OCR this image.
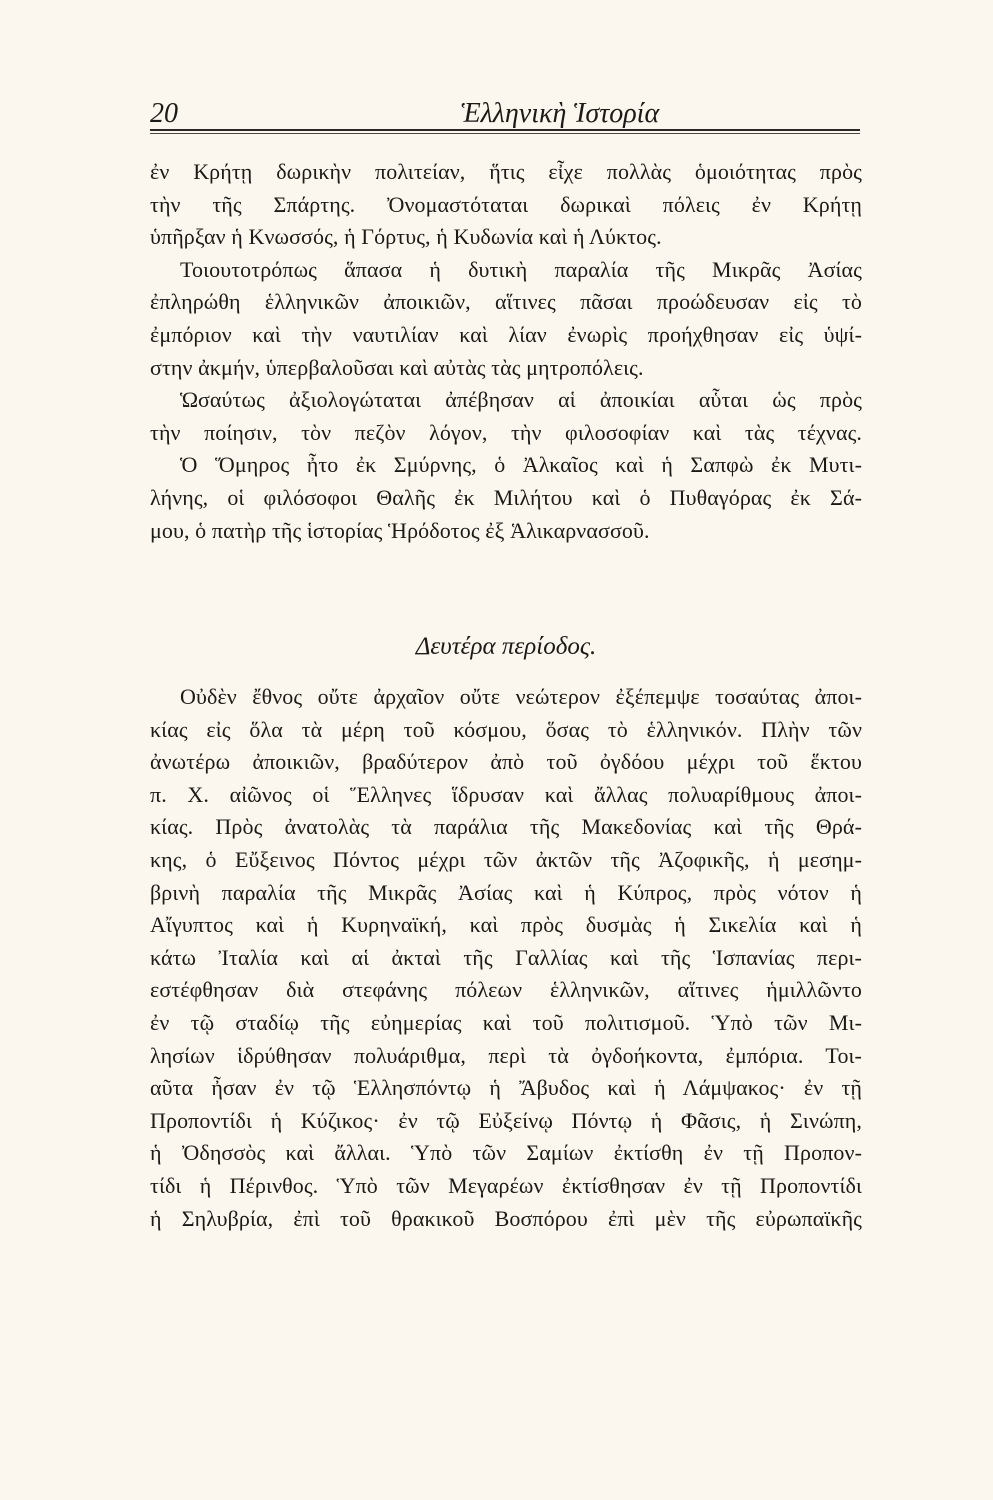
20	Ἑλληνικὴ Ἱστορία
ἐν Κρήτῃ δωρικὴν πολιτείαν, ἥτις εἶχε πολλὰς ὁμοιότητας πρὸς
τὴν τῆς Σπάρτης. Ὀνομαστόταται δωρικαὶ πόλεις ἐν Κρήτῃ
ὑπῆρξαν ἡ Κνωσσός, ἡ Γόρτυς, ἡ Κυδωνία καὶ ἡ Λύκτος.
Τοιουτοτρόπως ἅπασα ἡ δυτικὴ παραλία τῆς Μικρᾶς Ἀσίας
ἐπληρώθη ἑλληνικῶν ἀποικιῶν, αἵτινες πᾶσαι προώδευσαν εἰς τὸ
ἐμπόριον καὶ τὴν ναυτιλίαν καὶ λίαν ἐνωρὶς προήχθησαν εἰς ὑψί-
στην ἀκμήν, ὑπερβαλοῦσαι καὶ αὐτὰς τὰς μητροπόλεις.
Ὡσαύτως ἀξιολογώταται ἀπέβησαν αἱ ἀποικίαι αὗται ὡς πρὸς
τὴν ποίησιν, τὸν πεζὸν λόγον, τὴν φιλοσοφίαν καὶ τὰς τέχνας.
Ὁ Ὅμηρος ἦτο ἐκ Σμύρνης, ὁ Ἀλκαῖος καὶ ἡ Σαπφὼ ἐκ Μυτι-
λήνης, οἱ φιλόσοφοι Θαλῆς ἐκ Μιλήτου καὶ ὁ Πυθαγόρας ἐκ Σά-
μου, ὁ πατὴρ τῆς ἱστορίας Ἡρόδοτος ἐξ Ἁλικαρνασσοῦ.
Δευτέρα περίοδος.
Οὐδὲν ἔθνος οὔτε ἀρχαῖον οὔτε νεώτερον ἐξέπεμψε τοσαύτας ἀποι-
κίας εἰς ὅλα τὰ μέρη τοῦ κόσμου, ὅσας τὸ ἑλληνικόν. Πλὴν τῶν
ἀνωτέρω ἀποικιῶν, βραδύτερον ἀπὸ τοῦ ὀγδόου μέχρι τοῦ ἕκτου
π. Χ. αἰῶνος οἱ Ἕλληνες ἵδρυσαν καὶ ἄλλας πολυαρίθμους ἀποι-
κίας. Πρὸς ἀνατολὰς τὰ παράλια τῆς Μακεδονίας καὶ τῆς Θρά-
κης, ὁ Εὔξεινος Πόντος μέχρι τῶν ἀκτῶν τῆς Ἀζοφικῆς, ἡ μεσημ-
βρινὴ παραλία τῆς Μικρᾶς Ἀσίας καὶ ἡ Κύπρος, πρὸς νότον ἡ
Αἴγυπτος καὶ ἡ Κυρηναϊκή, καὶ πρὸς δυσμὰς ἡ Σικελία καὶ ἡ
κάτω Ἰταλία καὶ αἱ ἀκταὶ τῆς Γαλλίας καὶ τῆς Ἱσπανίας περι-
εστέφθησαν διὰ στεφάνης πόλεων ἑλληνικῶν, αἵτινες ἡμιλλῶντο
ἐν τῷ σταδίῳ τῆς εὐημερίας καὶ τοῦ πολιτισμοῦ. Ὑπὸ τῶν Μι-
λησίων ἱδρύθησαν πολυάριθμα, περὶ τὰ ὀγδοήκοντα, ἐμπόρια. Τοι-
αῦτα ἦσαν ἐν τῷ Ἑλλησπόντῳ ἡ Ἄβυδος καὶ ἡ Λάμψακος· ἐν τῇ
Προποντίδι ἡ Κύζικος· ἐν τῷ Εὐξείνῳ Πόντῳ ἡ Φᾶσις, ἡ Σινώπη,
ἡ Ὀδησσὸς καὶ ἄλλαι. Ὑπὸ τῶν Σαμίων ἐκτίσθη ἐν τῇ Προπον-
τίδι ἡ Πέρινθος. Ὑπὸ τῶν Μεγαρέων ἐκτίσθησαν ἐν τῇ Προποντίδι
ἡ Σηλυβρία, ἐπὶ τοῦ θρακικοῦ Βοσπόρου ἐπὶ μὲν τῆς εὐρωπαϊκῆς
